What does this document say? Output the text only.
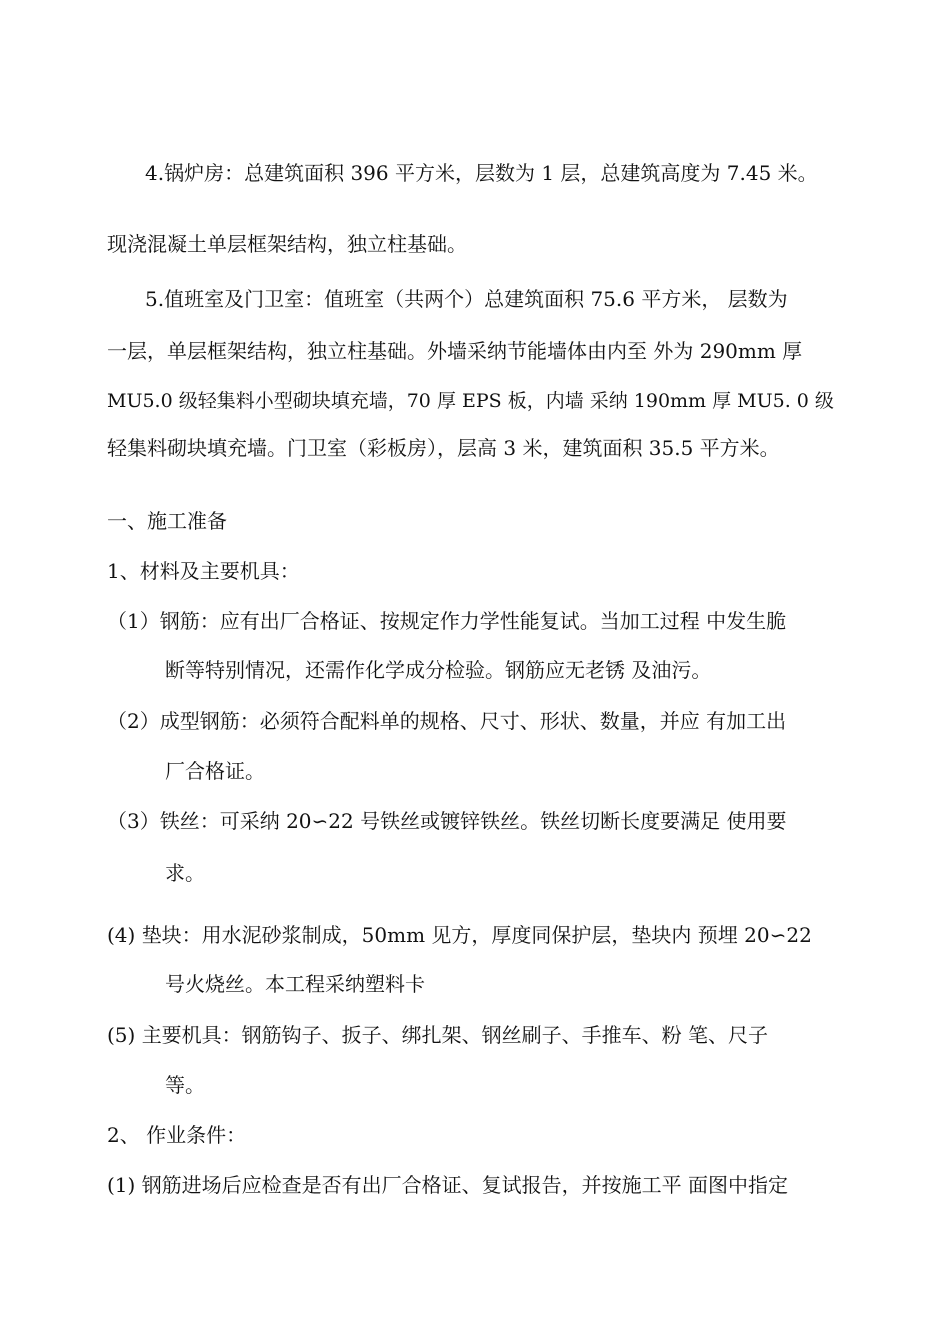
4.锅炉房：总建筑面积 396 平方米，层数为 1 层，总建筑高度为 7.45 米。
现浇混凝土单层框架结构，独立柱基础。
5.值班室及门卫室：值班室（共两个）总建筑面积 75.6 平方米， 层数为
一层，单层框架结构，独立柱基础。外墙采纳节能墙体由内至 外为 290mm 厚
MU5.0 级轻集料小型砌块填充墙，70 厚 EPS 板，内墙 采纳 190mm 厚 MU5. 0 级
轻集料砌块填充墙。门卫室（彩板房），层高 3 米，建筑面积 35.5 平方米。
一、施工准备
1、材料及主要机具：
（1）钢筋：应有出厂合格证、按规定作力学性能复试。当加工过程 中发生脆
断等特别情况，还需作化学成分检验。钢筋应无老锈 及油污。
（2）成型钢筋：必须符合配料单的规格、尺寸、形状、数量，并应 有加工出
厂合格证。
（3）铁丝：可采纳 20∽22 号铁丝或镀锌铁丝。铁丝切断长度要满足 使用要
求。
(4) 垫块：用水泥砂浆制成，50mm 见方，厚度同保护层，垫块内 预埋 20∽22
号火烧丝。本工程采纳塑料卡
(5) 主要机具：钢筋钩子、扳子、绑扎架、钢丝刷子、手推车、粉 笔、尺子
等。
2、 作业条件：
(1) 钢筋进场后应检查是否有出厂合格证、复试报告，并按施工平 面图中指定
